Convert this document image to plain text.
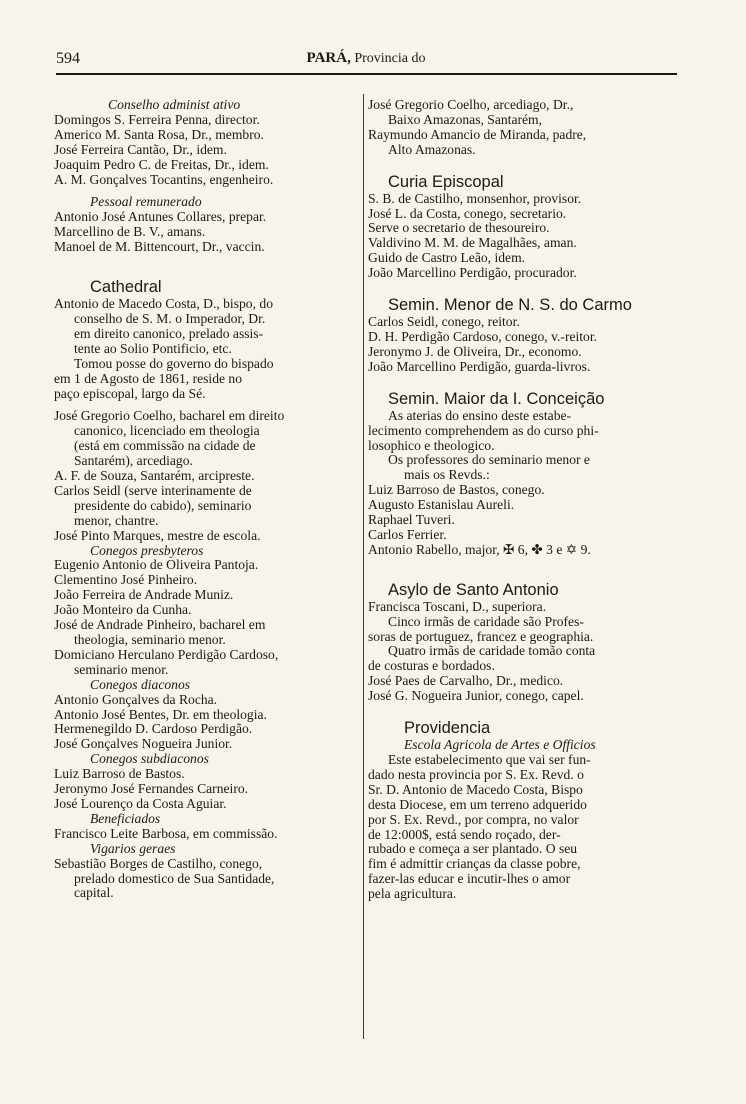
594	PARÁ, Provincia do
Conselho administ ativo
Domingos S. Ferreira Penna, director.
Americo M. Santa Rosa, Dr., membro.
José Ferreira Cantão, Dr., idem.
Joaquim Pedro C. de Freitas, Dr., idem.
A. M. Gonçalves Tocantins, engenheiro.
Pessoal remunerado
Antonio José Antunes Collares, prepar.
Marcellino de B. V., amans.
Manoel de M. Bittencourt, Dr., vaccin.
Cathedral
Antonio de Macedo Costa, D., bispo, do
conselho de S. M. o Imperador, Dr.
em direito canonico, prelado assis-
tente ao Solio Pontificio, etc.
Tomou posse do governo do bispado
em 1 de Agosto de 1861, reside no
paço episcopal, largo da Sé.
José Gregorio Coelho, bacharel em direito
canonico, licenciado em theologia
(está em commissão na cidade de
Santarém), arcediago.
A. F. de Souza, Santarém, arcipreste.
Carlos Seidl (serve interinamente de
presidente do cabido), seminario
menor, chantre.
José Pinto Marques, mestre de escola.
Conegos presbyteros
Eugenio Antonio de Oliveira Pantoja.
Clementino José Pinheiro.
João Ferreira de Andrade Muniz.
João Monteiro da Cunha.
José de Andrade Pinheiro, bacharel em
theologia, seminario menor.
Domiciano Herculano Perdigão Cardoso,
seminario menor.
Conegos diaconos
Antonio Gonçalves da Rocha.
Antonio José Bentes, Dr. em theologia.
Hermenegildo D. Cardoso Perdigão.
José Gonçalves Nogueira Junior.
Conegos subdiaconos
Luiz Barroso de Bastos.
Jeronymo José Fernandes Carneiro.
José Lourenço da Costa Aguiar.
Beneficiados
Francisco Leite Barbosa, em commissão.
Vigarios geraes
Sebastião Borges de Castilho, conego,
prelado domestico de Sua Santidade,
capital.
José Gregorio Coelho, arcediago, Dr.,
Baixo Amazonas, Santarém,
Raymundo Amancio de Miranda, padre,
Alto Amazonas.
Curia Episcopal
S. B. de Castilho, monsenhor, provisor.
José L. da Costa, conego, secretario.
Serve o secretario de thesoureiro.
Valdivino M. M. de Magalhães, aman.
Guido de Castro Leão, idem.
João Marcellino Perdigão, procurador.
Semin. Menor de N. S. do Carmo
Carlos Seidl, conego, reitor.
D. H. Perdigão Cardoso, conego, v.-reitor.
Jeronymo J. de Oliveira, Dr., economo.
João Marcellino Perdigão, guarda-livros.
Semin. Maior da I. Conceição
As aterias do ensino deste estabe-
lecimento comprehendem as do curso phi-
losophico e theologico.
Os professores do seminario menor e
mais os Revds.:
Luiz Barroso de Bastos, conego.
Augusto Estanislau Aureli.
Raphael Tuveri.
Carlos Ferrier.
Antonio Rabello, major, ✠ 6, ✤ 3 e ✡ 9.
Asylo de Santo Antonio
Francisca Toscani, D., superiora.
Cinco irmãs de caridade são Profes-
soras de portuguez, francez e geographia.
Quatro irmãs de caridade tomão conta
de costuras e bordados.
José Paes de Carvalho, Dr., medico.
José G. Nogueira Junior, conego, capel.
Providencia
Escola Agricola de Artes e Officios
Este estabelecimento que vai ser fun-
dado nesta provincia por S. Ex. Revd. o
Sr. D. Antonio de Macedo Costa, Bispo
desta Diocese, em um terreno adquerido
por S. Ex. Revd., por compra, no valor
de 12:000$, está sendo roçado, der-
rubado e começa a ser plantado. O seu
fim é admittir crianças da classe pobre,
fazer-las educar e incutir-lhes o amor
pela agricultura.
